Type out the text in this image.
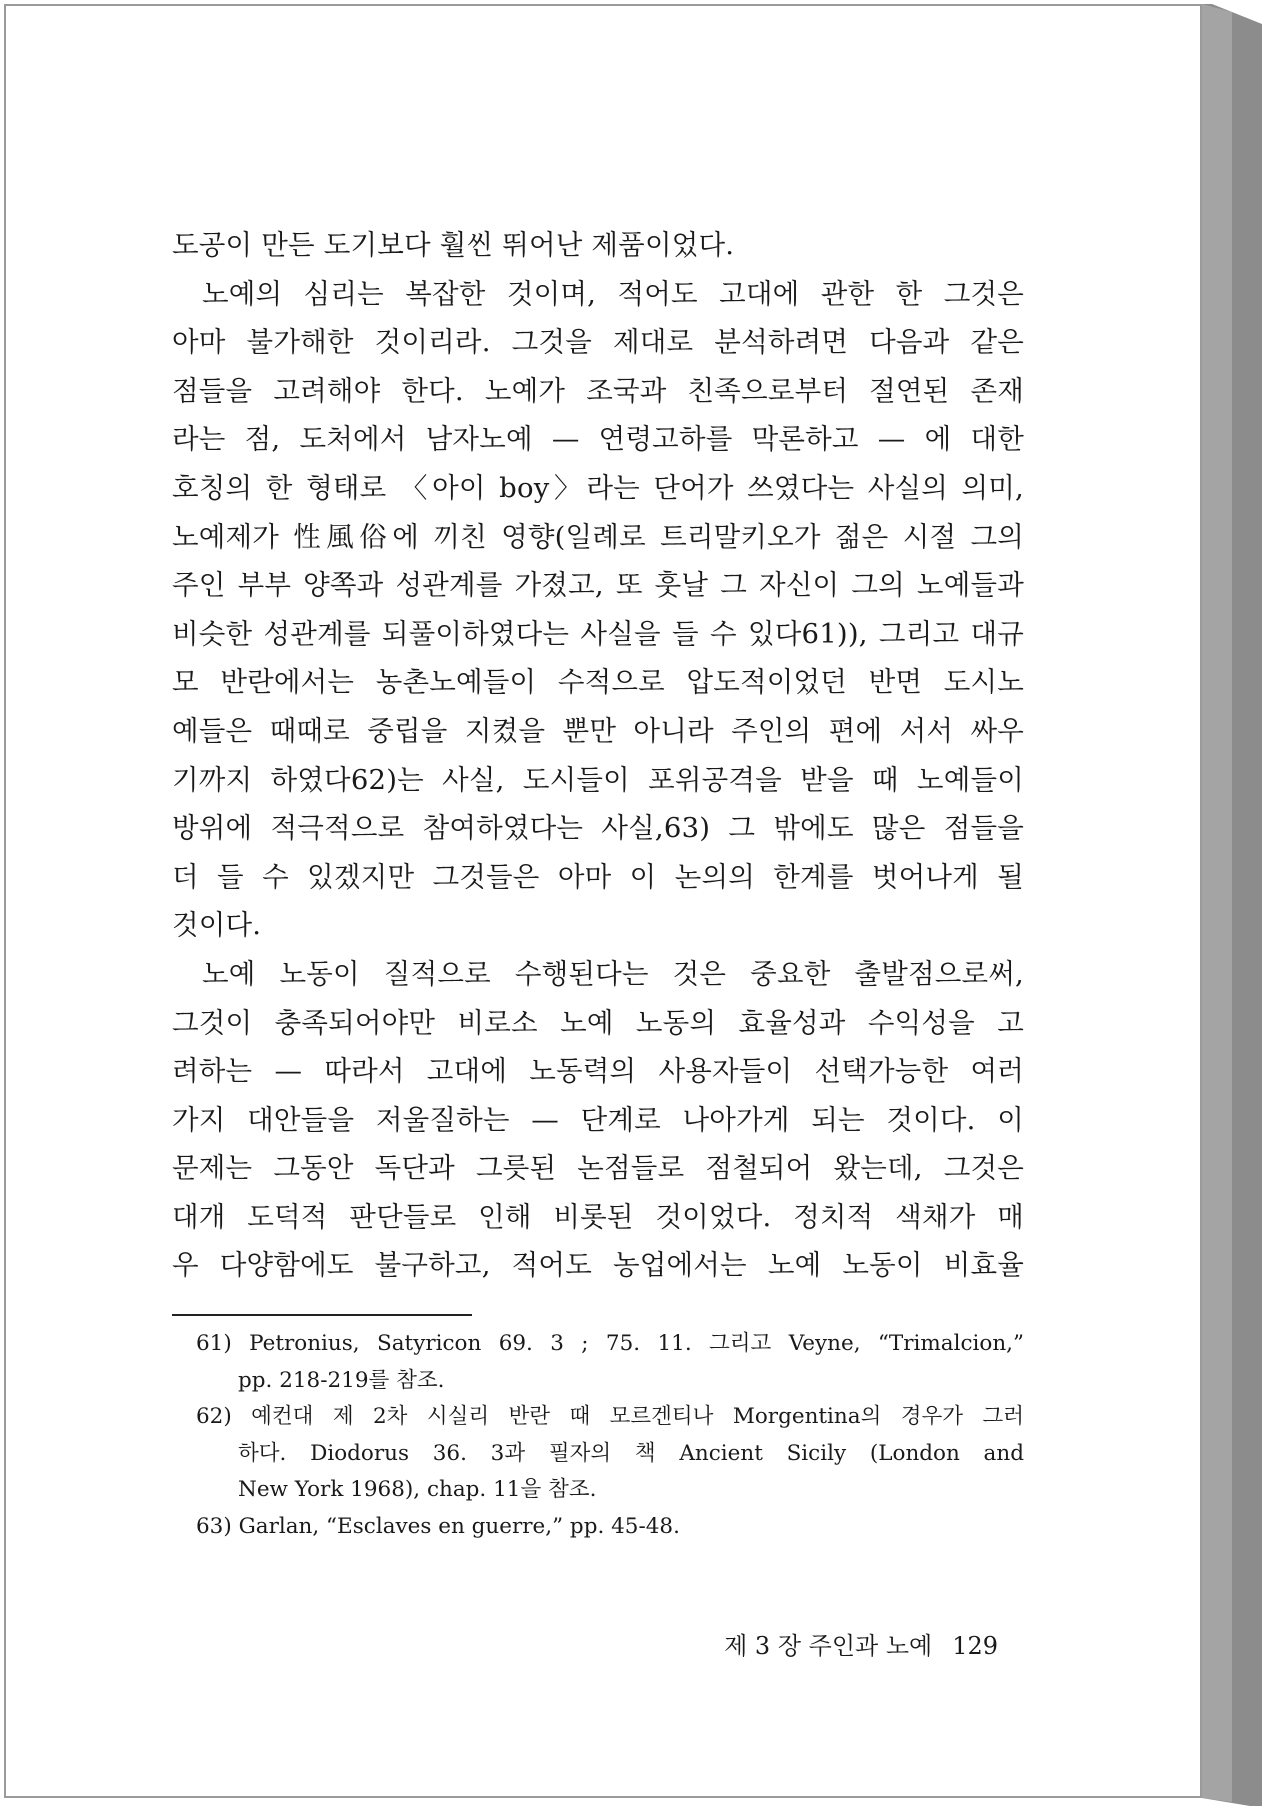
도공이 만든 도기보다 훨씬 뛰어난 제품이었다.
노예의 심리는 복잡한 것이며, 적어도 고대에 관한 한 그것은
아마 불가해한 것이리라. 그것을 제대로 분석하려면 다음과 같은
점들을 고려해야 한다. 노예가 조국과 친족으로부터 절연된 존재
라는 점, 도처에서 남자노예 — 연령고하를 막론하고 — 에 대한
호칭의 한 형태로 〈아이 boy〉라는 단어가 쓰였다는 사실의 의미,
노예제가 性風俗에 끼친 영향(일례로 트리말키오가 젊은 시절 그의
주인 부부 양쪽과 성관계를 가졌고, 또 훗날 그 자신이 그의 노예들과
비슷한 성관계를 되풀이하였다는 사실을 들 수 있다61)), 그리고 대규
모 반란에서는 농촌노예들이 수적으로 압도적이었던 반면 도시노
예들은 때때로 중립을 지켰을 뿐만 아니라 주인의 편에 서서 싸우
기까지 하였다62)는 사실, 도시들이 포위공격을 받을 때 노예들이
방위에 적극적으로 참여하였다는 사실,63) 그 밖에도 많은 점들을
더 들 수 있겠지만 그것들은 아마 이 논의의 한계를 벗어나게 될
것이다.
노예 노동이 질적으로 수행된다는 것은 중요한 출발점으로써,
그것이 충족되어야만 비로소 노예 노동의 효율성과 수익성을 고
려하는 — 따라서 고대에 노동력의 사용자들이 선택가능한 여러
가지 대안들을 저울질하는 — 단계로 나아가게 되는 것이다. 이
문제는 그동안 독단과 그릇된 논점들로 점철되어 왔는데, 그것은
대개 도덕적 판단들로 인해 비롯된 것이었다. 정치적 색채가 매
우 다양함에도 불구하고, 적어도 농업에서는 노예 노동이 비효율
61) Petronius, Satyricon 69. 3 ; 75. 11. 그리고 Veyne, “Trimalcion,”
pp. 218-219를 참조.
62) 예컨대 제 2차 시실리 반란 때 모르겐티나 Morgentina의 경우가 그러
하다. Diodorus 36. 3과 필자의 책 Ancient Sicily (London and
New York 1968), chap. 11을 참조.
63) Garlan, “Esclaves en guerre,” pp. 45-48.
제 3 장 주인과 노예 129
